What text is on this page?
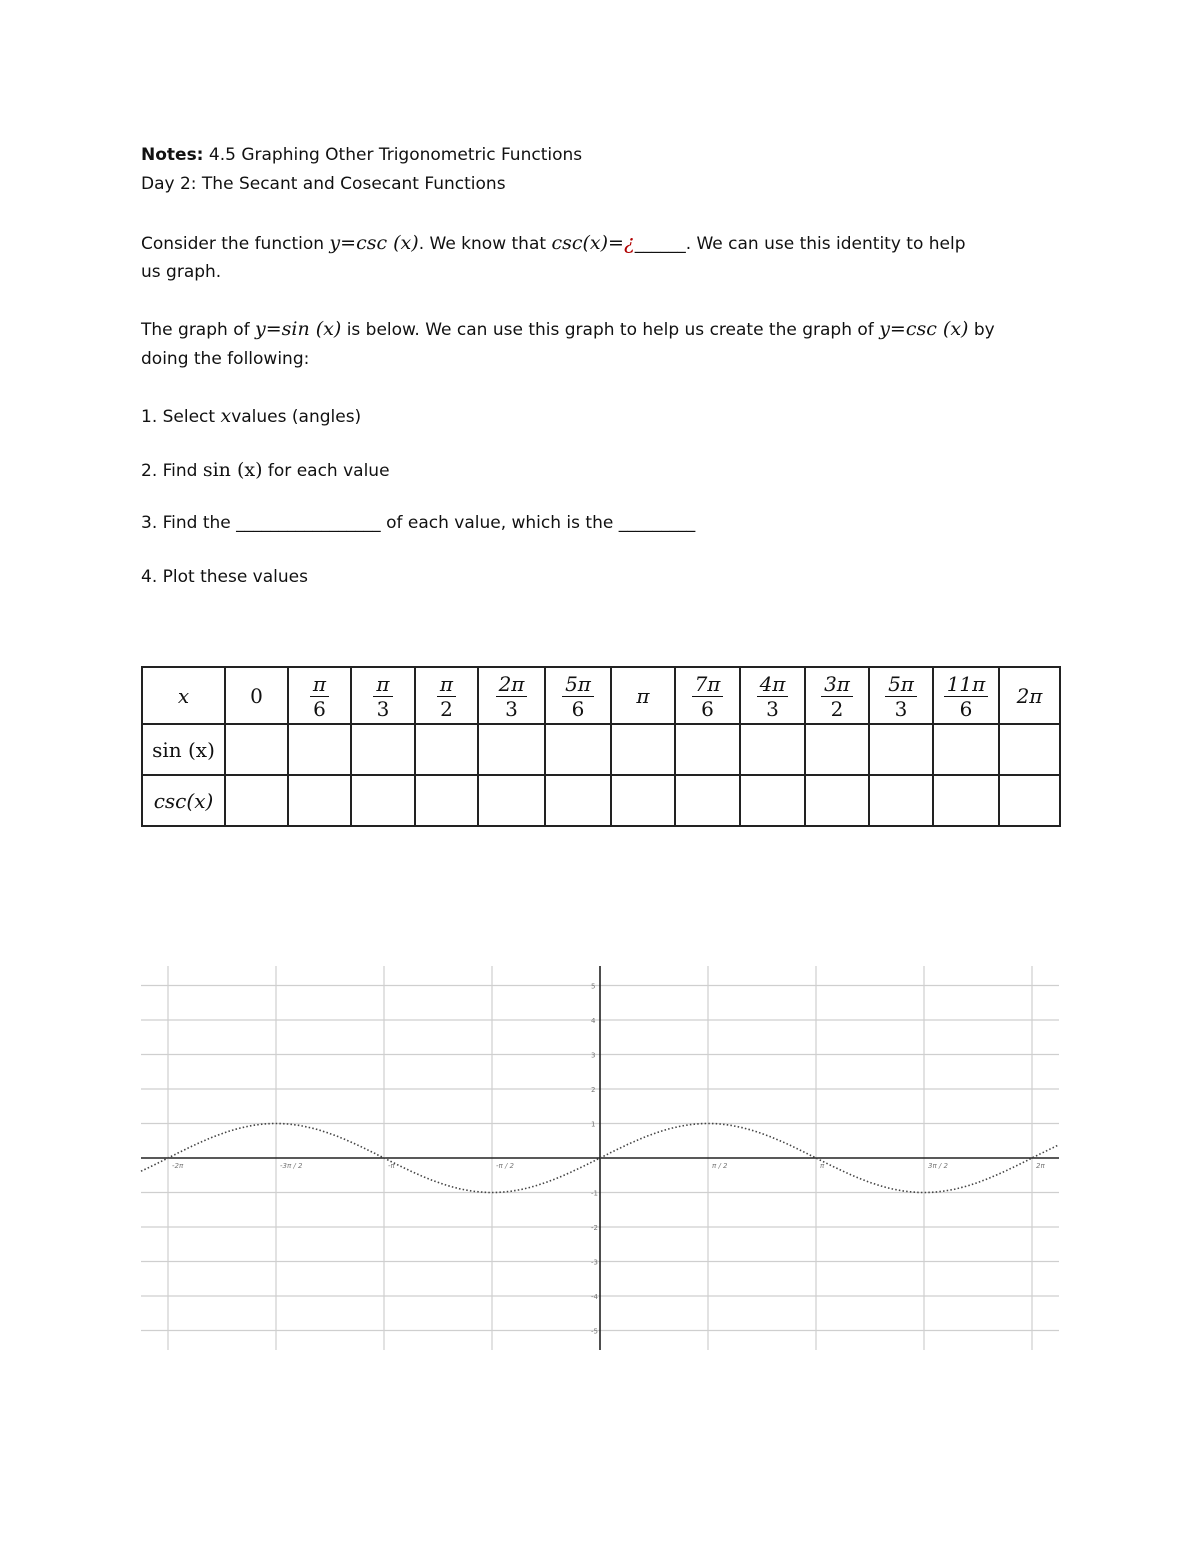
Notes: 4.5 Graphing Other Trigonometric Functions
Day 2: The Secant and Cosecant Functions
Consider the function y=csc (x). We know that csc(x)=¿______. We can use this identity to help
us graph.
The graph of y=sin (x) is below. We can use this graph to help us create the graph of y=csc (x) by
doing the following:
1. Select xvalues (angles)
2. Find sin (x) for each value
3. Find the _________________ of each value, which is the _________
4. Plot these values
x	0	$\frac{\pi}{6}$	$\frac{\pi}{3}$	$\frac{\pi}{2}$	$\frac{2\pi}{3}$	$\frac{5\pi}{6}$	π	$\frac{7\pi}{6}$	$\frac{4\pi}{3}$	$\frac{3\pi}{2}$	$\frac{5\pi}{3}$	$\frac{11\pi}{6}$	2π
sin (x)													
csc(x)													
-2π	-3π / 2	-π	-π / 2	π / 2	π	3π / 2	2π
-5
-4
-3
-2
-1
1
2
3
4
5
